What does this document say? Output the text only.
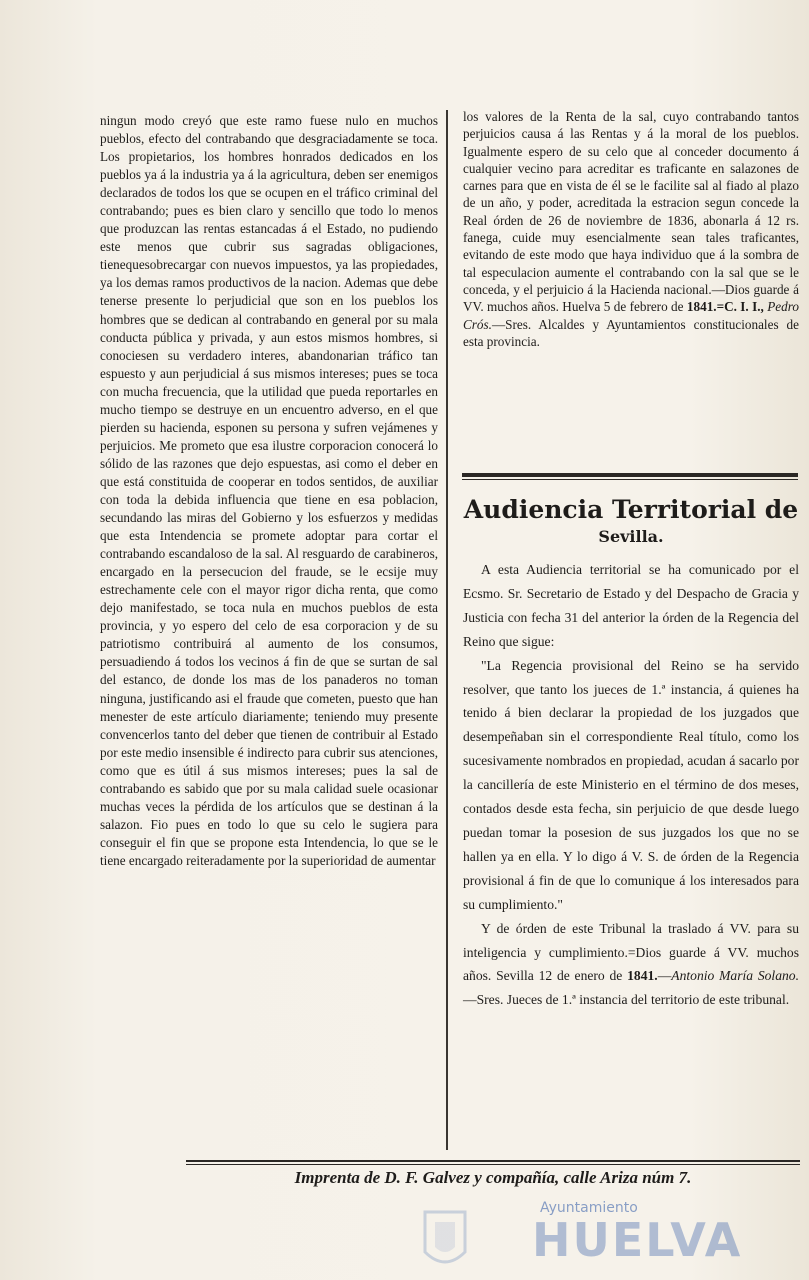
ningun modo creyó que este ramo fuese nulo en muchos pueblos, efecto del contrabando que desgraciadamente se toca. Los propietarios, los hombres honrados dedicados en los pueblos ya á la industria ya á la agricultura, deben ser enemigos declarados de todos los que se ocupen en el tráfico criminal del contrabando; pues es bien claro y sencillo que todo lo menos que produzcan las rentas estancadas á el Estado, no pudiendo este menos que cubrir sus sagradas obligaciones, tienequesobrecargar con nuevos impuestos, ya las propiedades, ya los demas ramos productivos de la nacion. Ademas que debe tenerse presente lo perjudicial que son en los pueblos los hombres que se dedican al contrabando en general por su mala conducta pública y privada, y aun estos mismos hombres, si conociesen su verdadero interes, abandonarian tráfico tan espuesto y aun perjudicial á sus mismos intereses; pues se toca con mucha frecuencia, que la utilidad que pueda reportarles en mucho tiempo se destruye en un encuentro adverso, en el que pierden su hacienda, esponen su persona y sufren vejámenes y perjuicios. Me prometo que esa ilustre corporacion conocerá lo sólido de las razones que dejo espuestas, asi como el deber en que está constituida de cooperar en todos sentidos, de auxiliar con toda la debida influencia que tiene en esa poblacion, secundando las miras del Gobierno y los esfuerzos y medidas que esta Intendencia se promete adoptar para cortar el contrabando escandaloso de la sal. Al resguardo de carabineros, encargado en la persecucion del fraude, se le ecsije muy estrechamente cele con el mayor rigor dicha renta, que como dejo manifestado, se toca nula en muchos pueblos de esta provincia, y yo espero del celo de esa corporacion y de su patriotismo contribuirá al aumento de los consumos, persuadiendo á todos los vecinos á fin de que se surtan de sal del estanco, de donde los mas de los panaderos no toman ninguna, justificando asi el fraude que cometen, puesto que han menester de este artículo diariamente; teniendo muy presente convencerlos tanto del deber que tienen de contribuir al Estado por este medio insensible é indirecto para cubrir sus atenciones, como que es útil á sus mismos intereses; pues la sal de contrabando es sabido que por su mala calidad suele ocasionar muchas veces la pérdida de los artículos que se destinan á la salazon. Fio pues en todo lo que su celo le sugiera para conseguir el fin que se propone esta Intendencia, lo que se le tiene encargado reiteradamente por la superioridad de aumentar

los valores de la Renta de la sal, cuyo contrabando tantos perjuicios causa á las Rentas y á la moral de los pueblos. Igualmente espero de su celo que al conceder documento á cualquier vecino para acreditar es traficante en salazones de carnes para que en vista de él se le facilite sal al fiado al plazo de un año, y poder, acreditada la estracion segun concede la Real órden de 26 de noviembre de 1836, abonarla á 12 rs. fanega, cuide muy esencialmente sean tales traficantes, evitando de este modo que haya individuo que á la sombra de tal especulacion aumente el contrabando con la sal que se le conceda, y el perjuicio á la Hacienda nacional.—Dios guarde á VV. muchos años. Huelva 5 de febrero de 1841.=C. I. I., Pedro Crós.—Sres. Alcaldes y Ayuntamientos constitucionales de esta provincia.

Audiencia Territorial de
Sevilla.

A esta Audiencia territorial se ha comunicado por el Ecsmo. Sr. Secretario de Estado y del Despacho de Gracia y Justicia con fecha 31 del anterior la órden de la Regencia del Reino que sigue:

"La Regencia provisional del Reino se ha servido resolver, que tanto los jueces de 1.ª instancia, á quienes ha tenido á bien declarar la propiedad de los juzgados que desempeñaban sin el correspondiente Real título, como los sucesivamente nombrados en propiedad, acudan á sacarlo por la cancillería de este Ministerio en el término de dos meses, contados desde esta fecha, sin perjuicio de que desde luego puedan tomar la posesion de sus juzgados los que no se hallen ya en ella. Y lo digo á V. S. de órden de la Regencia provisional á fin de que lo comunique á los interesados para su cumplimiento."

Y de órden de este Tribunal la traslado á VV. para su inteligencia y cumplimiento.=Dios guarde á VV. muchos años. Sevilla 12 de enero de 1841.—Antonio María Solano.—Sres. Jueces de 1.ª instancia del territorio de este tribunal.

Imprenta de D. F. Galvez y compañía, calle Ariza núm 7.
Ayuntamiento
HUELVA
